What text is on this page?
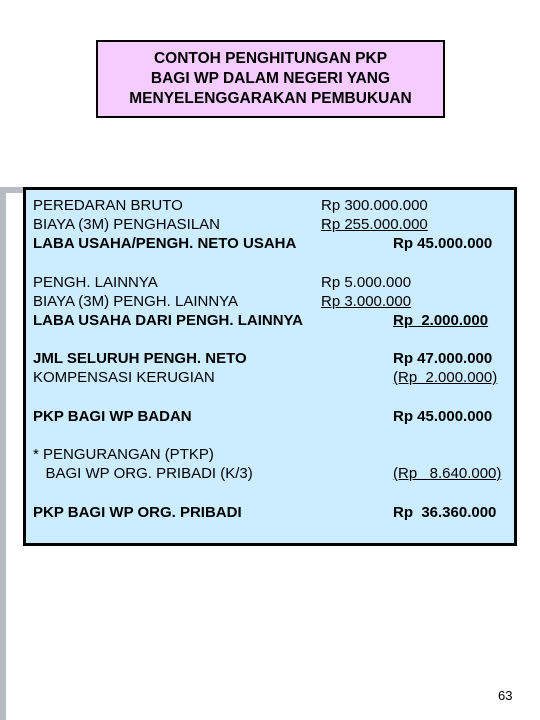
CONTOH PENGHITUNGAN PKP
BAGI WP DALAM NEGERI YANG
MENYELENGGARAKAN PEMBUKUAN
PEREDARAN BRUTO	Rp 300.000.000
BIAYA (3M) PENGHASILAN	Rp 255.000.000
LABA USAHA/PENGH. NETO USAHA	Rp 45.000.000
PENGH. LAINNYA	Rp 5.000.000
BIAYA (3M) PENGH. LAINNYA	Rp 3.000.000
LABA USAHA DARI PENGH. LAINNYA	Rp  2.000.000
JML SELURUH PENGH. NETO	Rp 47.000.000
KOMPENSASI KERUGIAN	(Rp  2.000.000)
PKP BAGI WP BADAN	Rp 45.000.000
* PENGURANGAN (PTKP)
BAGI WP ORG. PRIBADI (K/3)	(Rp   8.640.000)
PKP BAGI WP ORG. PRIBADI	Rp  36.360.000
63
